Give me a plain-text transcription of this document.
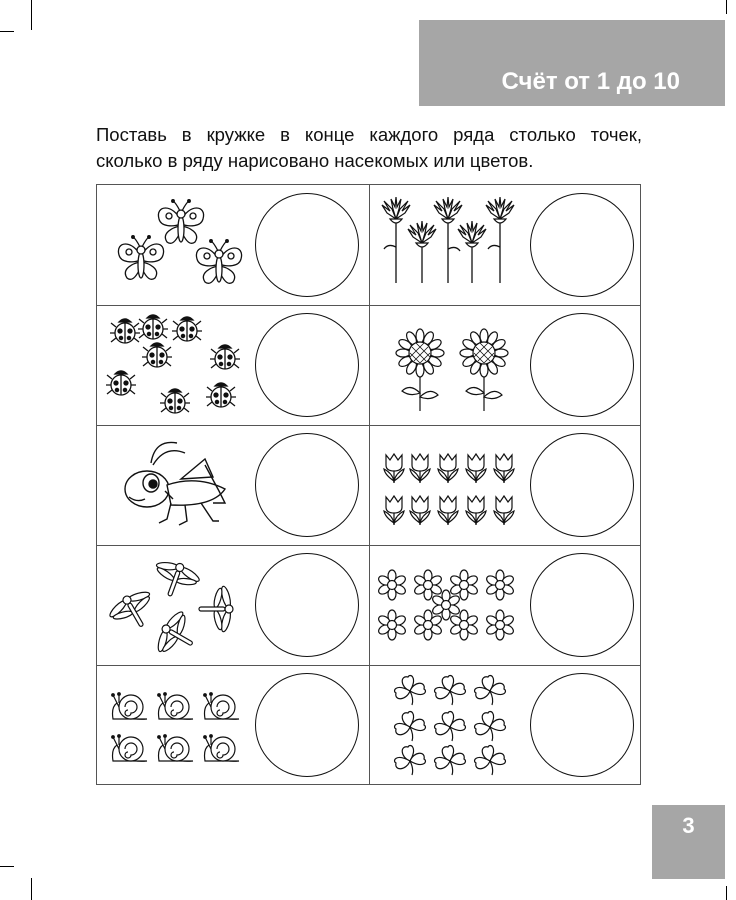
Счёт от 1 до 10
Поставь в кружке в конце каждого ряда столько точек,
сколько в ряду нарисовано насекомых или цветов.
3
